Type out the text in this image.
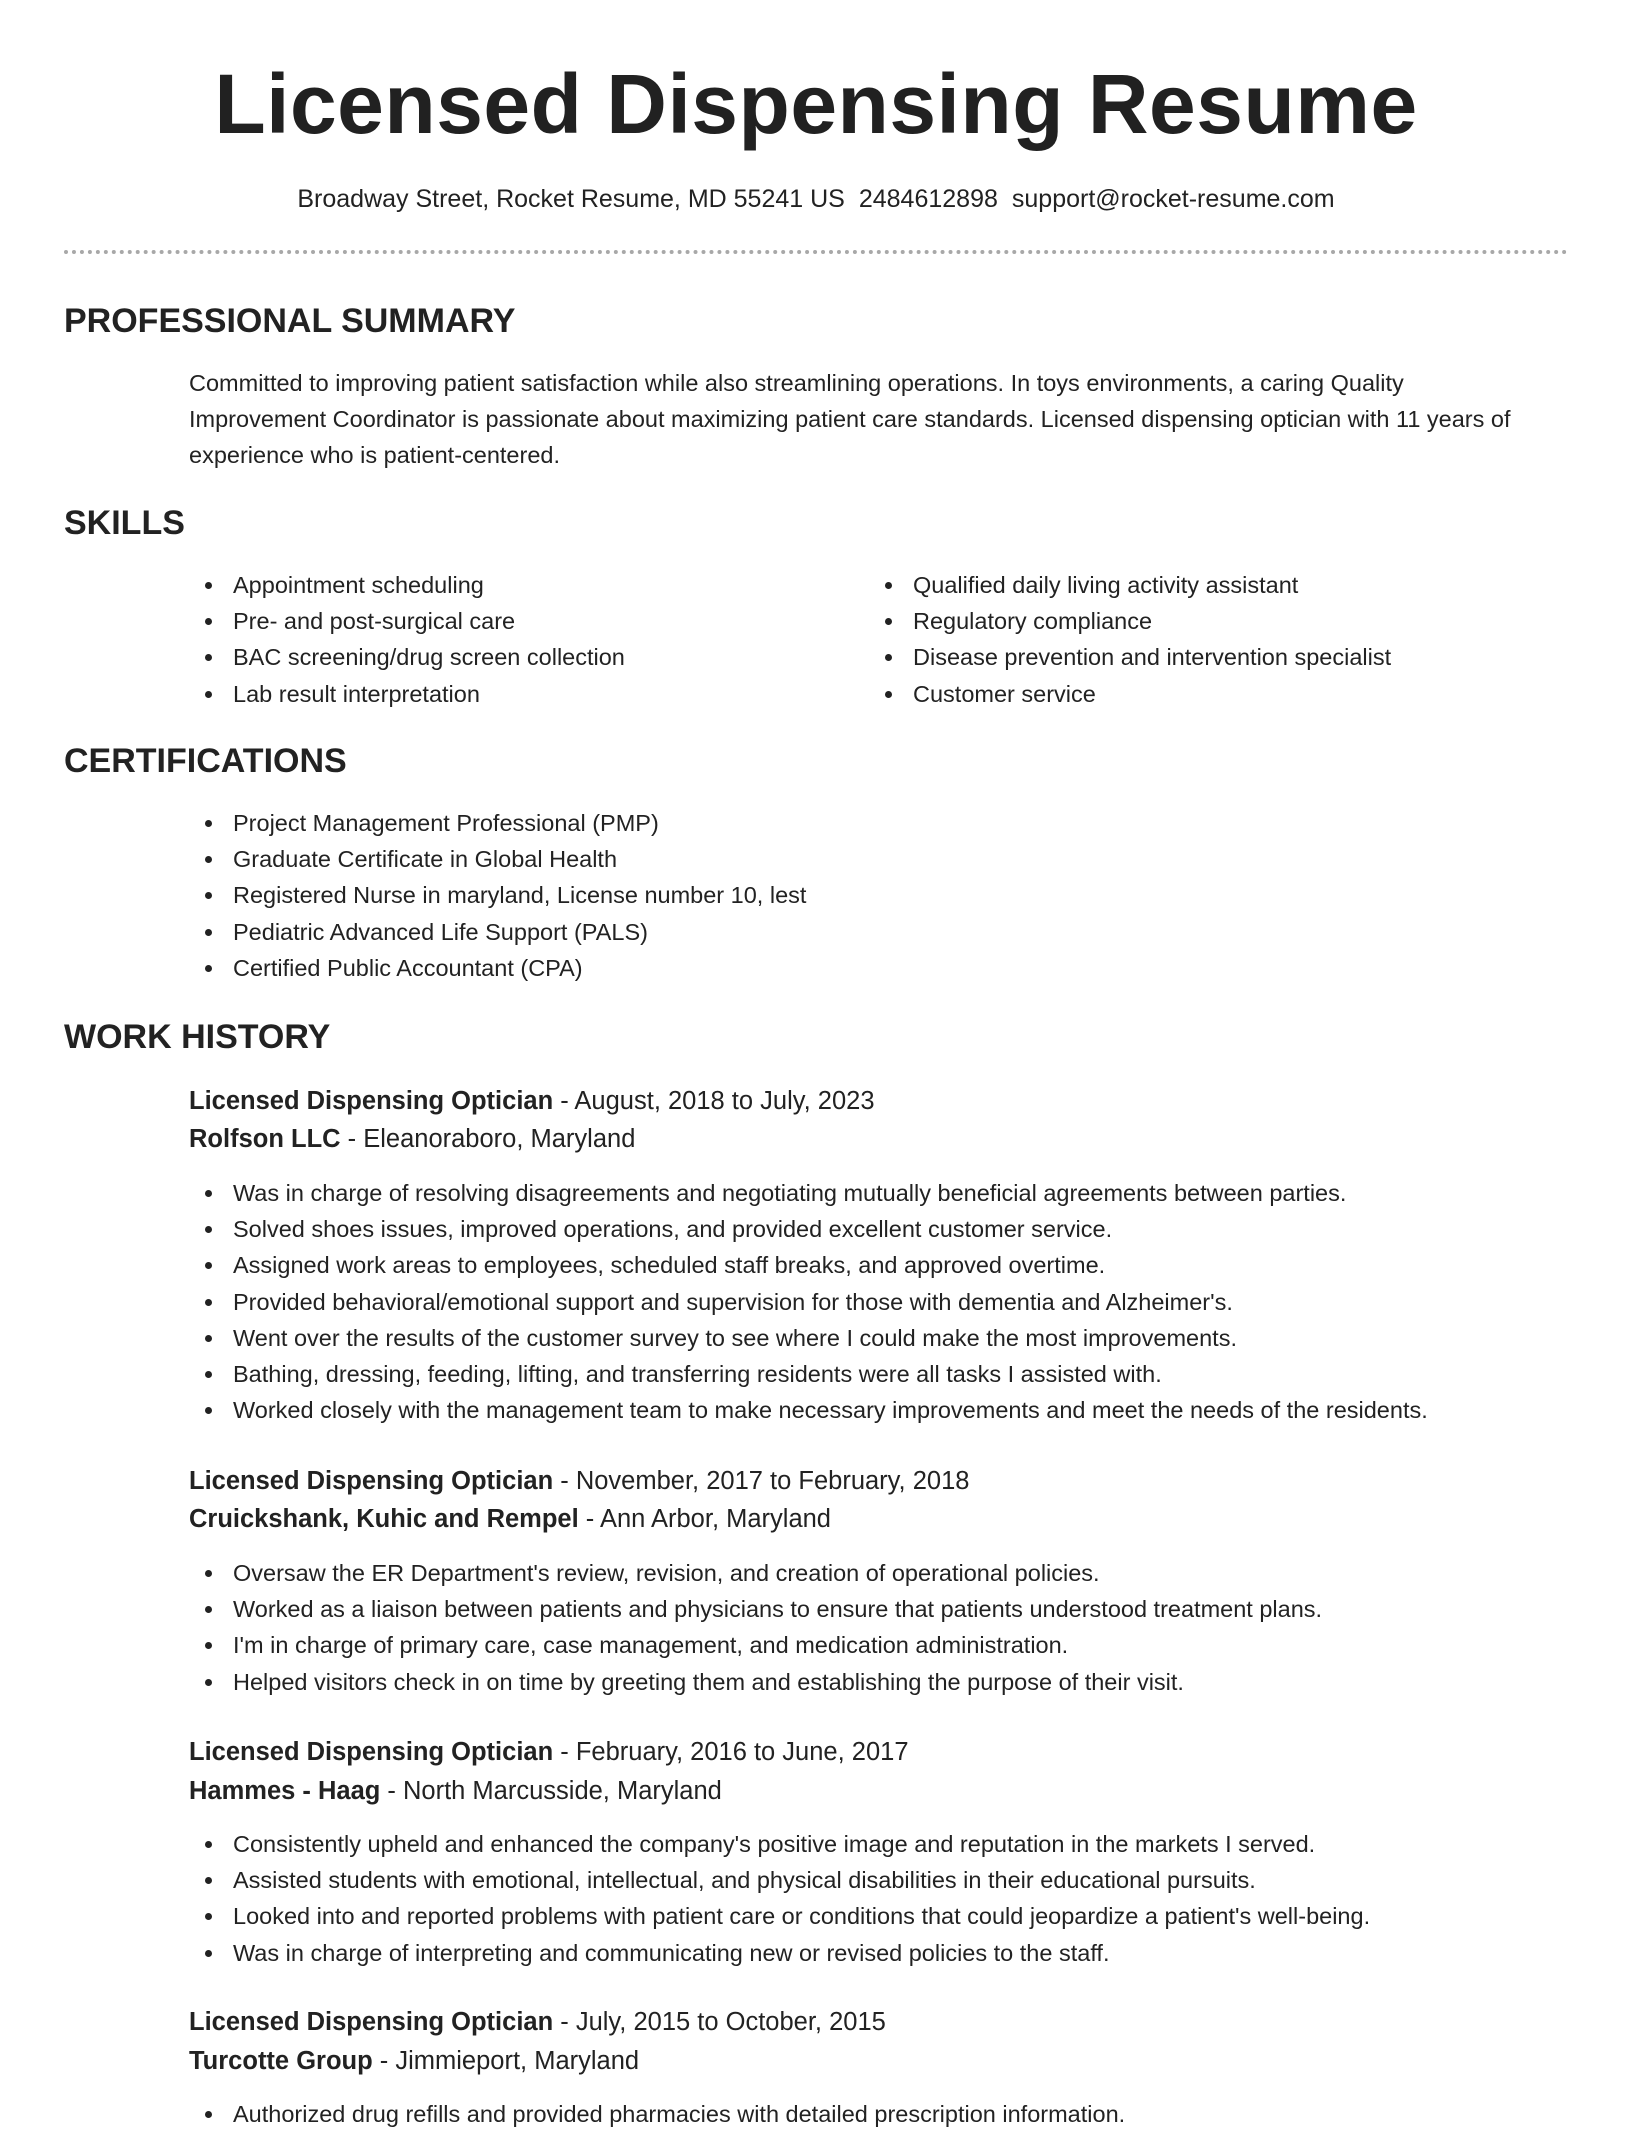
Licensed Dispensing Resume
Broadway Street, Rocket Resume, MD 55241 US 2484612898 support@rocket-resume.com
PROFESSIONAL SUMMARY

Committed to improving patient satisfaction while also streamlining operations. In toys environments, a caring Quality Improvement Coordinator is passionate about maximizing patient care standards. Licensed dispensing optician with 11 years of experience who is patient-centered.

SKILLS
Appointment scheduling
Pre- and post-surgical care
BAC screening/drug screen collection
Lab result interpretation
Qualified daily living activity assistant
Regulatory compliance
Disease prevention and intervention specialist
Customer service
CERTIFICATIONS
Project Management Professional (PMP)
Graduate Certificate in Global Health
Registered Nurse in maryland, License number 10, lest
Pediatric Advanced Life Support (PALS)
Certified Public Accountant (CPA)
WORK HISTORY
Licensed Dispensing Optician - August, 2018 to July, 2023
Rolfson LLC - Eleanoraboro, Maryland
Was in charge of resolving disagreements and negotiating mutually beneficial agreements between parties.
Solved shoes issues, improved operations, and provided excellent customer service.
Assigned work areas to employees, scheduled staff breaks, and approved overtime.
Provided behavioral/emotional support and supervision for those with dementia and Alzheimer's.
Went over the results of the customer survey to see where I could make the most improvements.
Bathing, dressing, feeding, lifting, and transferring residents were all tasks I assisted with.
Worked closely with the management team to make necessary improvements and meet the needs of the residents.
Licensed Dispensing Optician - November, 2017 to February, 2018
Cruickshank, Kuhic and Rempel - Ann Arbor, Maryland
Oversaw the ER Department's review, revision, and creation of operational policies.
Worked as a liaison between patients and physicians to ensure that patients understood treatment plans.
I'm in charge of primary care, case management, and medication administration.
Helped visitors check in on time by greeting them and establishing the purpose of their visit.
Licensed Dispensing Optician - February, 2016 to June, 2017
Hammes - Haag - North Marcusside, Maryland
Consistently upheld and enhanced the company's positive image and reputation in the markets I served.
Assisted students with emotional, intellectual, and physical disabilities in their educational pursuits.
Looked into and reported problems with patient care or conditions that could jeopardize a patient's well-being.
Was in charge of interpreting and communicating new or revised policies to the staff.
Licensed Dispensing Optician - July, 2015 to October, 2015
Turcotte Group - Jimmieport, Maryland
Authorized drug refills and provided pharmacies with detailed prescription information.
